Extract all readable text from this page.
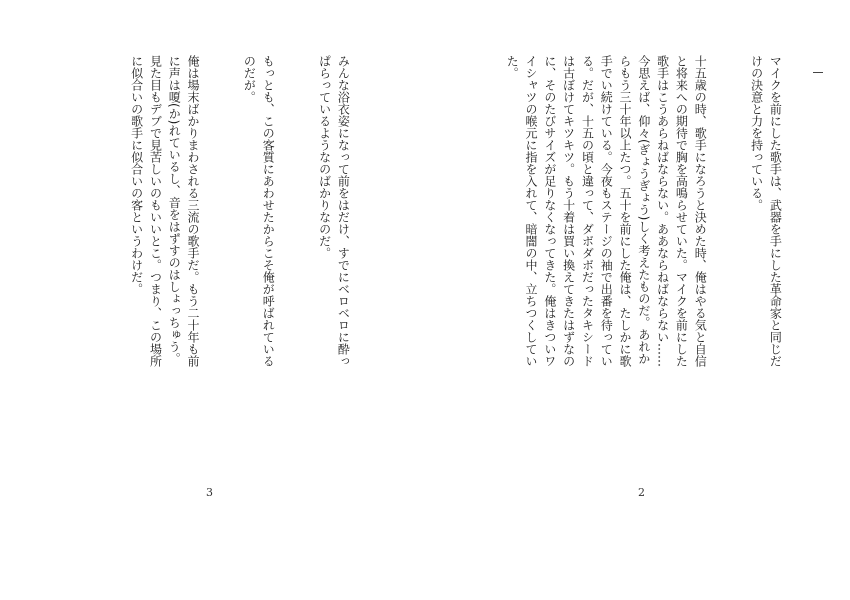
みんな浴衣姿になって前をはだけ、すでにベロベロに酔っぱらっているようなのばかりなのだ。

もっとも、この客質にあわせたからこそ俺が呼ばれているのだが。

俺は場末ばかりまわされる三流の歌手だ。もう二十年も前に声は嗄(か)れているし、音をはずすのはしょっちゅう。見た目もデブで見苦しいのもいいとこ。つまり、この場所に似合いの歌手に似合いの客というわけだ。

3

マイクを前にした歌手は、武器を手にした革命家と同じだけの決意と力を持っている。

十五歳の時、歌手になろうと決めた時、俺はやる気と自信と将来への期待で胸を高鳴らせていた。マイクを前にした歌手はこうあらねばならない。ああならねばならない……今思えば、仰々(ぎょうぎょう)しく考えたものだ。あれからもう三十年以上たつ。五十を前にした俺は、たしかに歌手でい続けている。今夜もステージの袖で出番を待っている。だが、十五の頃と違って、ダボダボだったタキシードは古ぼけてキツキツ。もう十着は買い換えてきたはずなのに、そのたびサイズが足りなくなってきた。俺はきついワイシャツの喉元に指を入れて、暗闇の中、立ちつくしていた。

2
